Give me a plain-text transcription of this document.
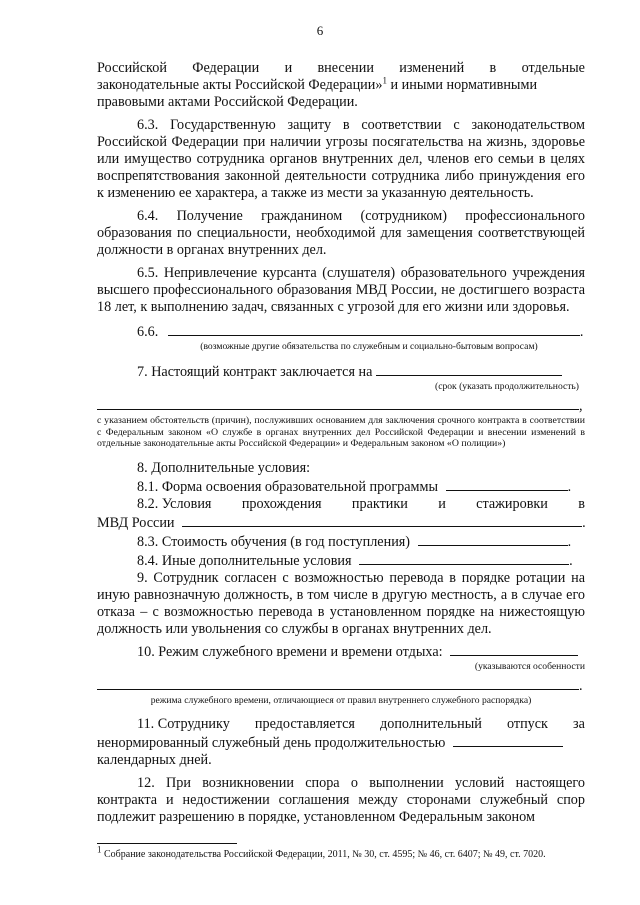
6
Российской Федерации и внесении изменений в отдельные
законодательные акты Российской Федерации»$^1$ и иными нормативными
правовыми актами Российской Федерации.

6.3. Государственную защиту в соответствии с законодательством Российской Федерации при наличии угрозы посягательства на жизнь, здоровье или имущество сотрудника органов внутренних дел, членов его семьи в целях воспрепятствования законной деятельности сотрудника либо принуждения его к изменению ее характера, а также из мести за указанную деятельность.

6.4. Получение гражданином (сотрудником) профессионального образования по специальности, необходимой для замещения соответствующей должности в органах внутренних дел.

6.5. Непривлечение курсанта (слушателя) образовательного учреждения высшего профессионального образования МВД России, не достигшего возраста 18 лет, к выполнению задач, связанных с угрозой для его жизни или здоровья.

6.6.	.
(возможные другие обязательства по служебным и социально-бытовым вопросам)
7. Настоящий контракт заключается на
(срок (указать продолжительность)
,
с указанием обстоятельств (причин), послуживших основанием для заключения срочного контракта в соответствии с Федеральным законом «О службе в органах внутренних дел Российской Федерации и внесении изменений в отдельные законодательные акты Российской Федерации» и Федеральным законом «О полиции»)
8. Дополнительные условия:
8.1. Форма освоения образовательной программы	.
8.2. Условия прохождения практики и стажировки в
МВД России	.
8.3. Стоимость обучения (в год поступления)	.
8.4. Иные дополнительные условия	.

9. Сотрудник согласен с возможностью перевода в порядке ротации на иную равнозначную должность, в том числе в другую местность, а в случае его отказа – с возможностью перевода в установленном порядке на нижестоящую должность или увольнения со службы в органах внутренних дел.

10. Режим служебного времени и времени отдыха:
(указываются особенности
.
режима служебного времени, отличающиеся от правил внутреннего служебного распорядка)
11. Сотруднику предоставляется дополнительный отпуск за
ненормированный служебный день продолжительностью
календарных дней.

12. При возникновении спора о выполнении условий настоящего контракта и недостижении соглашения между сторонами служебный спор подлежит разрешению в порядке, установленном Федеральным законом

$^1$ Собрание законодательства Российской Федерации, 2011, № 30, ст. 4595; № 46, ст. 6407; № 49, ст. 7020.
